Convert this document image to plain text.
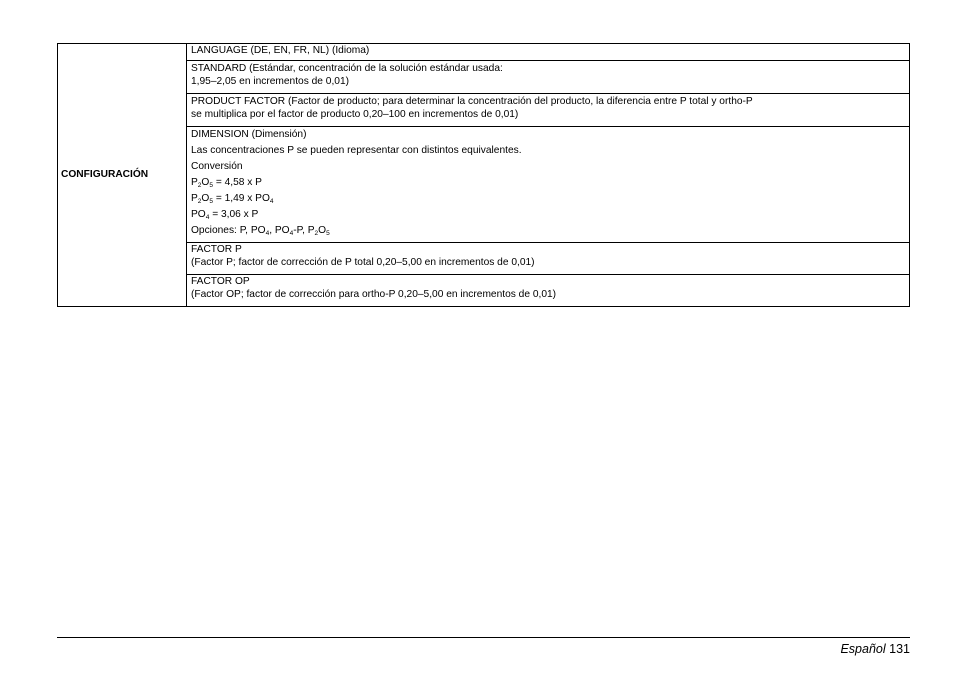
CONFIGURACIÓN	LANGUAGE (DE, EN, FR, NL) (Idioma)

STANDARD (Estándar, concentración de la solución estándar usada:
1,95–2,05 en incrementos de 0,01)

PRODUCT FACTOR (Factor de producto; para determinar la concentración del producto, la diferencia entre P total y ortho-P
se multiplica por el factor de producto 0,20–100 en incrementos de 0,01)

DIMENSION (Dimensión)
Las concentraciones P se pueden representar con distintos equivalentes.
Conversión
$P_2O_5 = 4,58$ x P
$P_2O_5 = 1,49$ x $PO_4$
$PO_4 = 3,06$ x P
Opciones: P, $PO_4$, $PO_4-P$, $P_2O_5$

FACTOR P
(Factor P; factor de corrección de P total 0,20–5,00 en incrementos de 0,01)

FACTOR OP
(Factor OP; factor de corrección para ortho-P 0,20–5,00 en incrementos de 0,01)
Español 131
